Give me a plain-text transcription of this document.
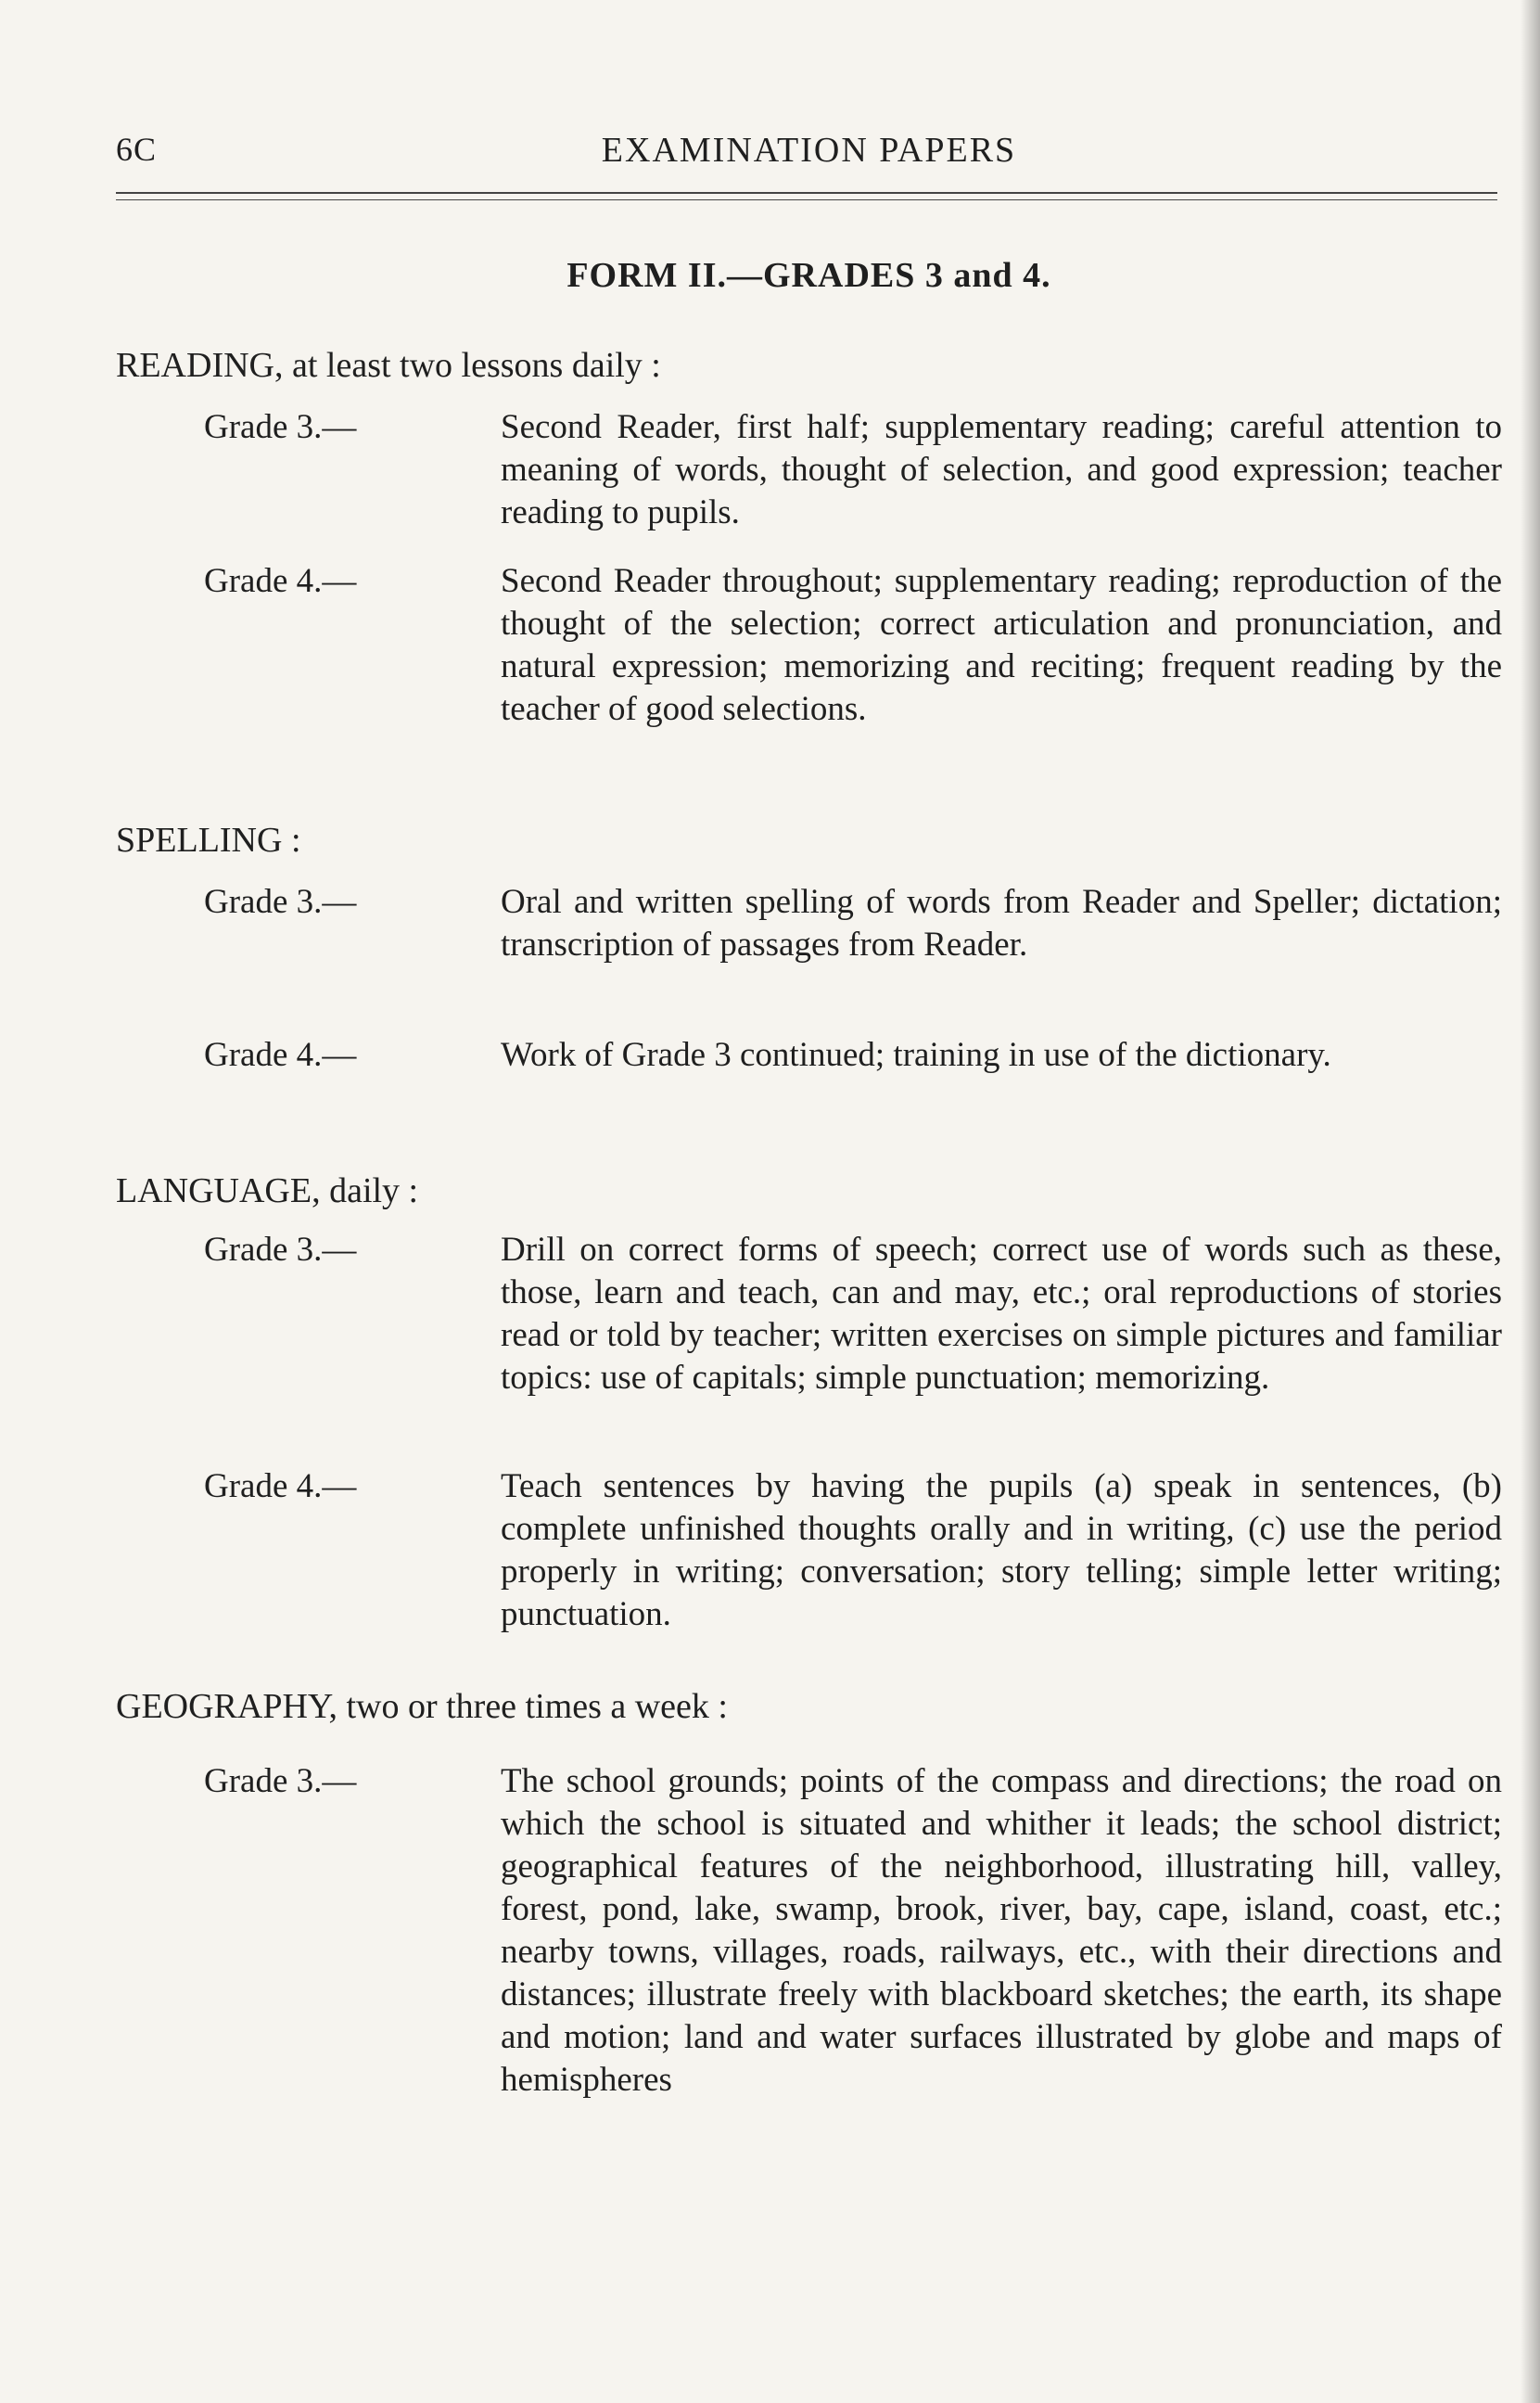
6C	EXAMINATION PAPERS
FORM II.—GRADES 3 and 4.
READING, at least two lessons daily :
Grade 3.—	Second Reader, first half; supplementary reading; careful attention to meaning of words, thought of selection, and good expression; teacher reading to pupils.
Grade 4.—	Second Reader throughout; supplementary reading; reproduction of the thought of the selection; correct articulation and pronunciation, and natural expression; memorizing and reciting; frequent reading by the teacher of good selections.
SPELLING :
Grade 3.—	Oral and written spelling of words from Reader and Speller; dictation; transcription of passages from Reader.
Grade 4.—	Work of Grade 3 continued; training in use of the dictionary.
LANGUAGE, daily :
Grade 3.—	Drill on correct forms of speech; correct use of words such as these, those, learn and teach, can and may, etc.; oral reproductions of stories read or told by teacher; written exercises on simple pictures and familiar topics: use of capitals; simple punctuation; memorizing.
Grade 4.—	Teach sentences by having the pupils (a) speak in sentences, (b) complete unfinished thoughts orally and in writing, (c) use the period properly in writing; conversation; story telling; simple letter writing; punctuation.
GEOGRAPHY, two or three times a week :
Grade 3.—	The school grounds; points of the compass and directions; the road on which the school is situated and whither it leads; the school district; geographical features of the neighborhood, illustrating hill, valley, forest, pond, lake, swamp, brook, river, bay, cape, island, coast, etc.; nearby towns, villages, roads, railways, etc., with their directions and distances; illustrate freely with blackboard sketches; the earth, its shape and motion; land and water surfaces illustrated by globe and maps of hemispheres
